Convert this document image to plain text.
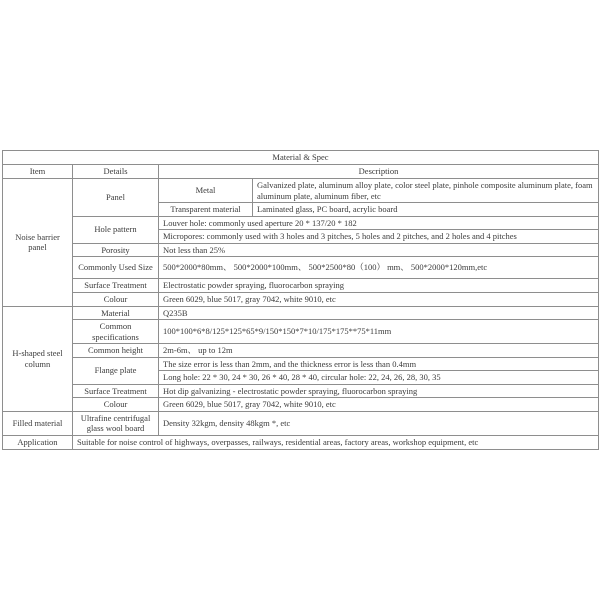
Material & Spec			
Item	Details	Description	
Noise barrier panel	Panel	Metal	Galvanized plate, aluminum alloy plate, color steel plate, pinhole composite aluminum plate, foam aluminum plate, aluminum fiber, etc
		Transparent material	Laminated glass, PC board, acrylic board
	Hole pattern	Louver hole: commonly used aperture 20 * 137/20 * 182	
		Micropores: commonly used with 3 holes and 3 pitches, 5 holes and 2 pitches, and 2 holes and 4 pitches	
	Porosity	Not less than 25%	
	Commonly Used Size	500*2000*80mm、 500*2000*100mm、 500*2500*80（100） mm、 500*2000*120mm,etc	
	Surface Treatment	Electrostatic powder spraying, fluorocarbon spraying	
	Colour	Green 6029, blue 5017, gray 7042, white 9010, etc	
H-shaped steel column	Material	Q235B	
	Common specifications	100*100*6*8/125*125*65*9/150*150*7*10/175*175**75*11mm	
	Common height	2m-6m、 up to 12m	
	Flange plate	The size error is less than 2mm, and the thickness error is less than 0.4mm	
		Long hole: 22 * 30, 24 * 30, 26 * 40, 28 * 40, circular hole: 22, 24, 26, 28, 30, 35	
	Surface Treatment	Hot dip galvanizing - electrostatic powder spraying, fluorocarbon spraying	
	Colour	Green 6029, blue 5017, gray 7042, white 9010, etc	
Filled material	Ultrafine centrifugal glass wool board	Density 32kgm, density 48kgm *, etc	
Application	Suitable for noise control of highways, overpasses, railways, residential areas, factory areas, workshop equipment, etc		
